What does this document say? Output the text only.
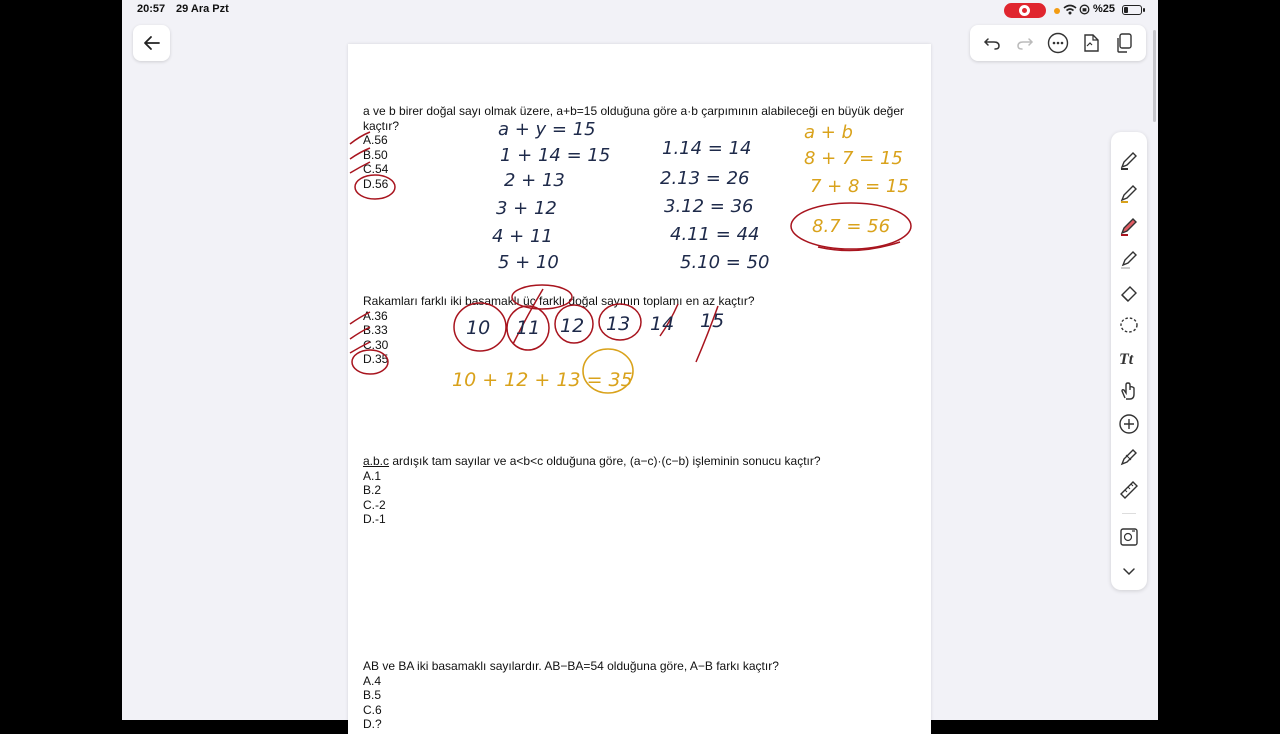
20:57 29 Ara Pzt	%25
a ve b birer doğal sayı olmak üzere, a+b=15 olduğuna göre a·b çarpımının alabileceği en büyük değer kaçtır?
A.56
B.50
C.54
D.56
Rakamları farklı iki basamaklı üç farklı doğal sayının toplamı en az kaçtır?
A.36
B.33
C.30
D.35
a.b.c ardışık tam sayılar ve a<b<c olduğuna göre, (a−c)·(c−b) işleminin sonucu kaçtır?
A.1
B.2
C.-2
D.-1
AB ve BA iki basamaklı sayılardır. AB−BA=54 olduğuna göre, A−B farkı kaçtır?
A.4
B.5
C.6
D.?
a + y = 15
1 + 14 = 15
2 + 13
3 + 12
4 + 11
5 + 10
1.14 = 14
2.13 = 26
3.12 = 36
4.11 = 44
5.10 = 50
a + b
8 + 7 = 15
7 + 8 = 15
8.7 = 56
10 11 12 13 14 15
10 + 12 + 13 = 35
Tt
